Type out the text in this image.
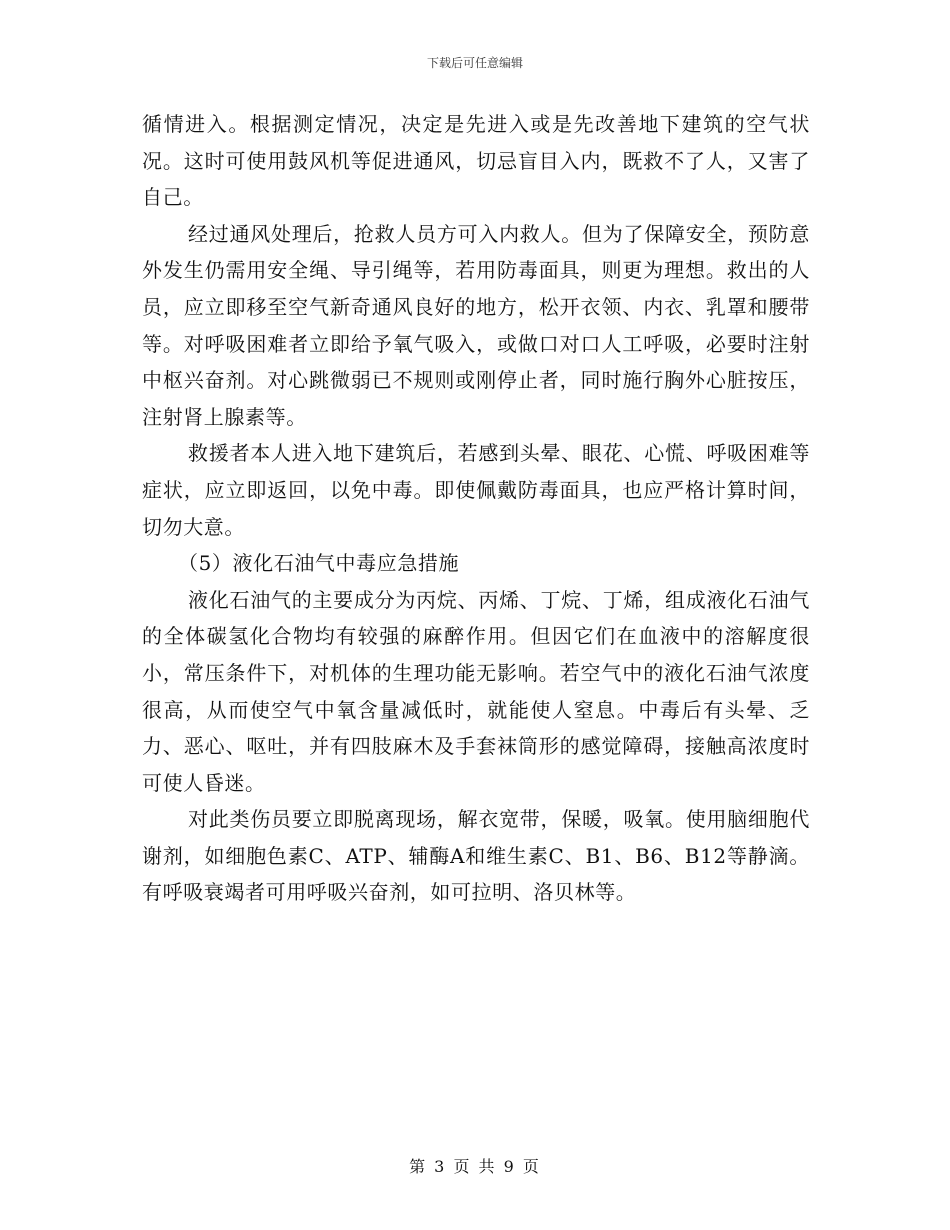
下载后可任意编辑

循情进入。根据测定情况，决定是先进入或是先改善地下建筑的空气状况。这时可使用鼓风机等促进通风，切忌盲目入内，既救不了人，又害了自己。

经过通风处理后，抢救人员方可入内救人。但为了保障安全，预防意外发生仍需用安全绳、导引绳等，若用防毒面具，则更为理想。救出的人员，应立即移至空气新奇通风良好的地方，松开衣领、内衣、乳罩和腰带等。对呼吸困难者立即给予氧气吸入，或做口对口人工呼吸，必要时注射中枢兴奋剂。对心跳微弱已不规则或刚停止者，同时施行胸外心脏按压，注射肾上腺素等。

救援者本人进入地下建筑后，若感到头晕、眼花、心慌、呼吸困难等症状，应立即返回，以免中毒。即使佩戴防毒面具，也应严格计算时间，切勿大意。

（5）液化石油气中毒应急措施

液化石油气的主要成分为丙烷、丙烯、丁烷、丁烯，组成液化石油气的全体碳氢化合物均有较强的麻醉作用。但因它们在血液中的溶解度很小，常压条件下，对机体的生理功能无影响。若空气中的液化石油气浓度很高，从而使空气中氧含量减低时，就能使人窒息。中毒后有头晕、乏力、恶心、呕吐，并有四肢麻木及手套袜筒形的感觉障碍，接触高浓度时可使人昏迷。

对此类伤员要立即脱离现场，解衣宽带，保暖，吸氧。使用脑细胞代谢剂，如细胞色素C、ATP、辅酶A和维生素C、B1、B6、B12等静滴。有呼吸衰竭者可用呼吸兴奋剂，如可拉明、洛贝林等。

第 3 页 共 9 页
